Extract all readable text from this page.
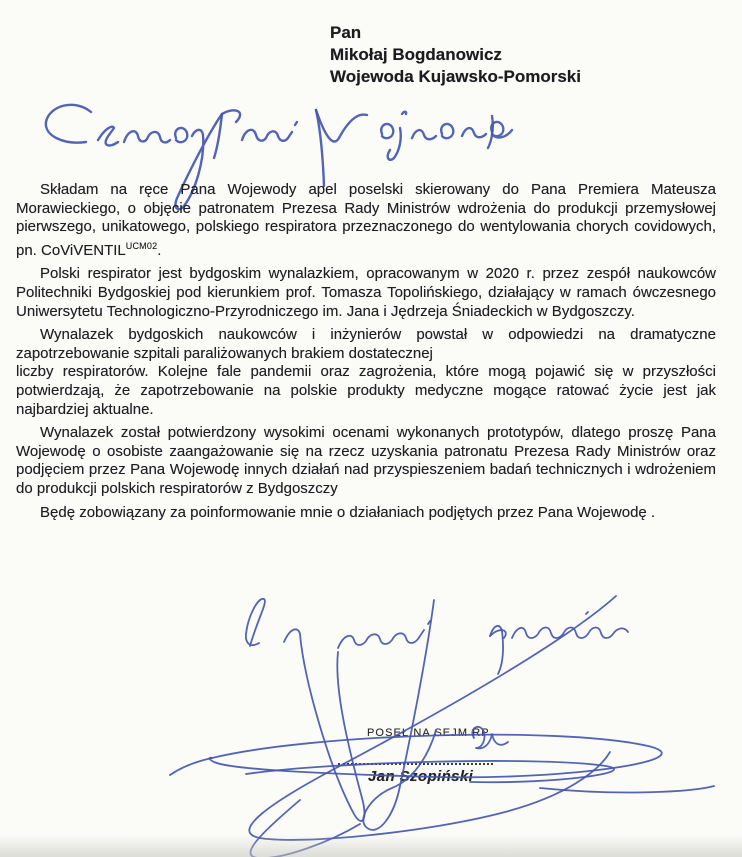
Pan
Mikołaj Bogdanowicz
Wojewoda Kujawsko-Pomorski

Składam na ręce Pana Wojewody apel poselski skierowany do Pana Premiera Mateusza Morawieckiego, o objęcie patronatem Prezesa Rady Ministrów wdrożenia do produkcji przemysłowej pierwszego, unikatowego, polskiego respiratora przeznaczonego do wentylowania chorych covidowych, pn. CoViVENTIL$^{UCM02}$.

Polski respirator jest bydgoskim wynalazkiem, opracowanym w 2020 r. przez zespół naukowców Politechniki Bydgoskiej pod kierunkiem prof. Tomasza Topolińskiego, działający w ramach ówczesnego Uniwersytetu Technologiczno-Przyrodniczego im. Jana i Jędrzeja Śniadeckich w Bydgoszczy.

Wynalazek bydgoskich naukowców i inżynierów powstał w odpowiedzi na dramatyczne zapotrzebowanie szpitali paraliżowanych brakiem dostatecznej

liczby respiratorów. Kolejne fale pandemii oraz zagrożenia, które mogą pojawić się w przyszłości potwierdzają, że zapotrzebowanie na polskie produkty medyczne mogące ratować życie jest jak najbardziej aktualne.

Wynalazek został potwierdzony wysokimi ocenami wykonanych prototypów, dlatego proszę Pana Wojewodę o osobiste zaangażowanie się na rzecz uzyskania patronatu Prezesa Rady Ministrów oraz podjęciem przez Pana Wojewodę innych działań nad przyspieszeniem badań technicznych i wdrożeniem do produkcji polskich respiratorów z Bydgoszczy

Będę zobowiązany za poinformowanie mnie o działaniach podjętych przez Pana Wojewodę .

POSEŁ NA SEJM RP
Jan Szopiński
